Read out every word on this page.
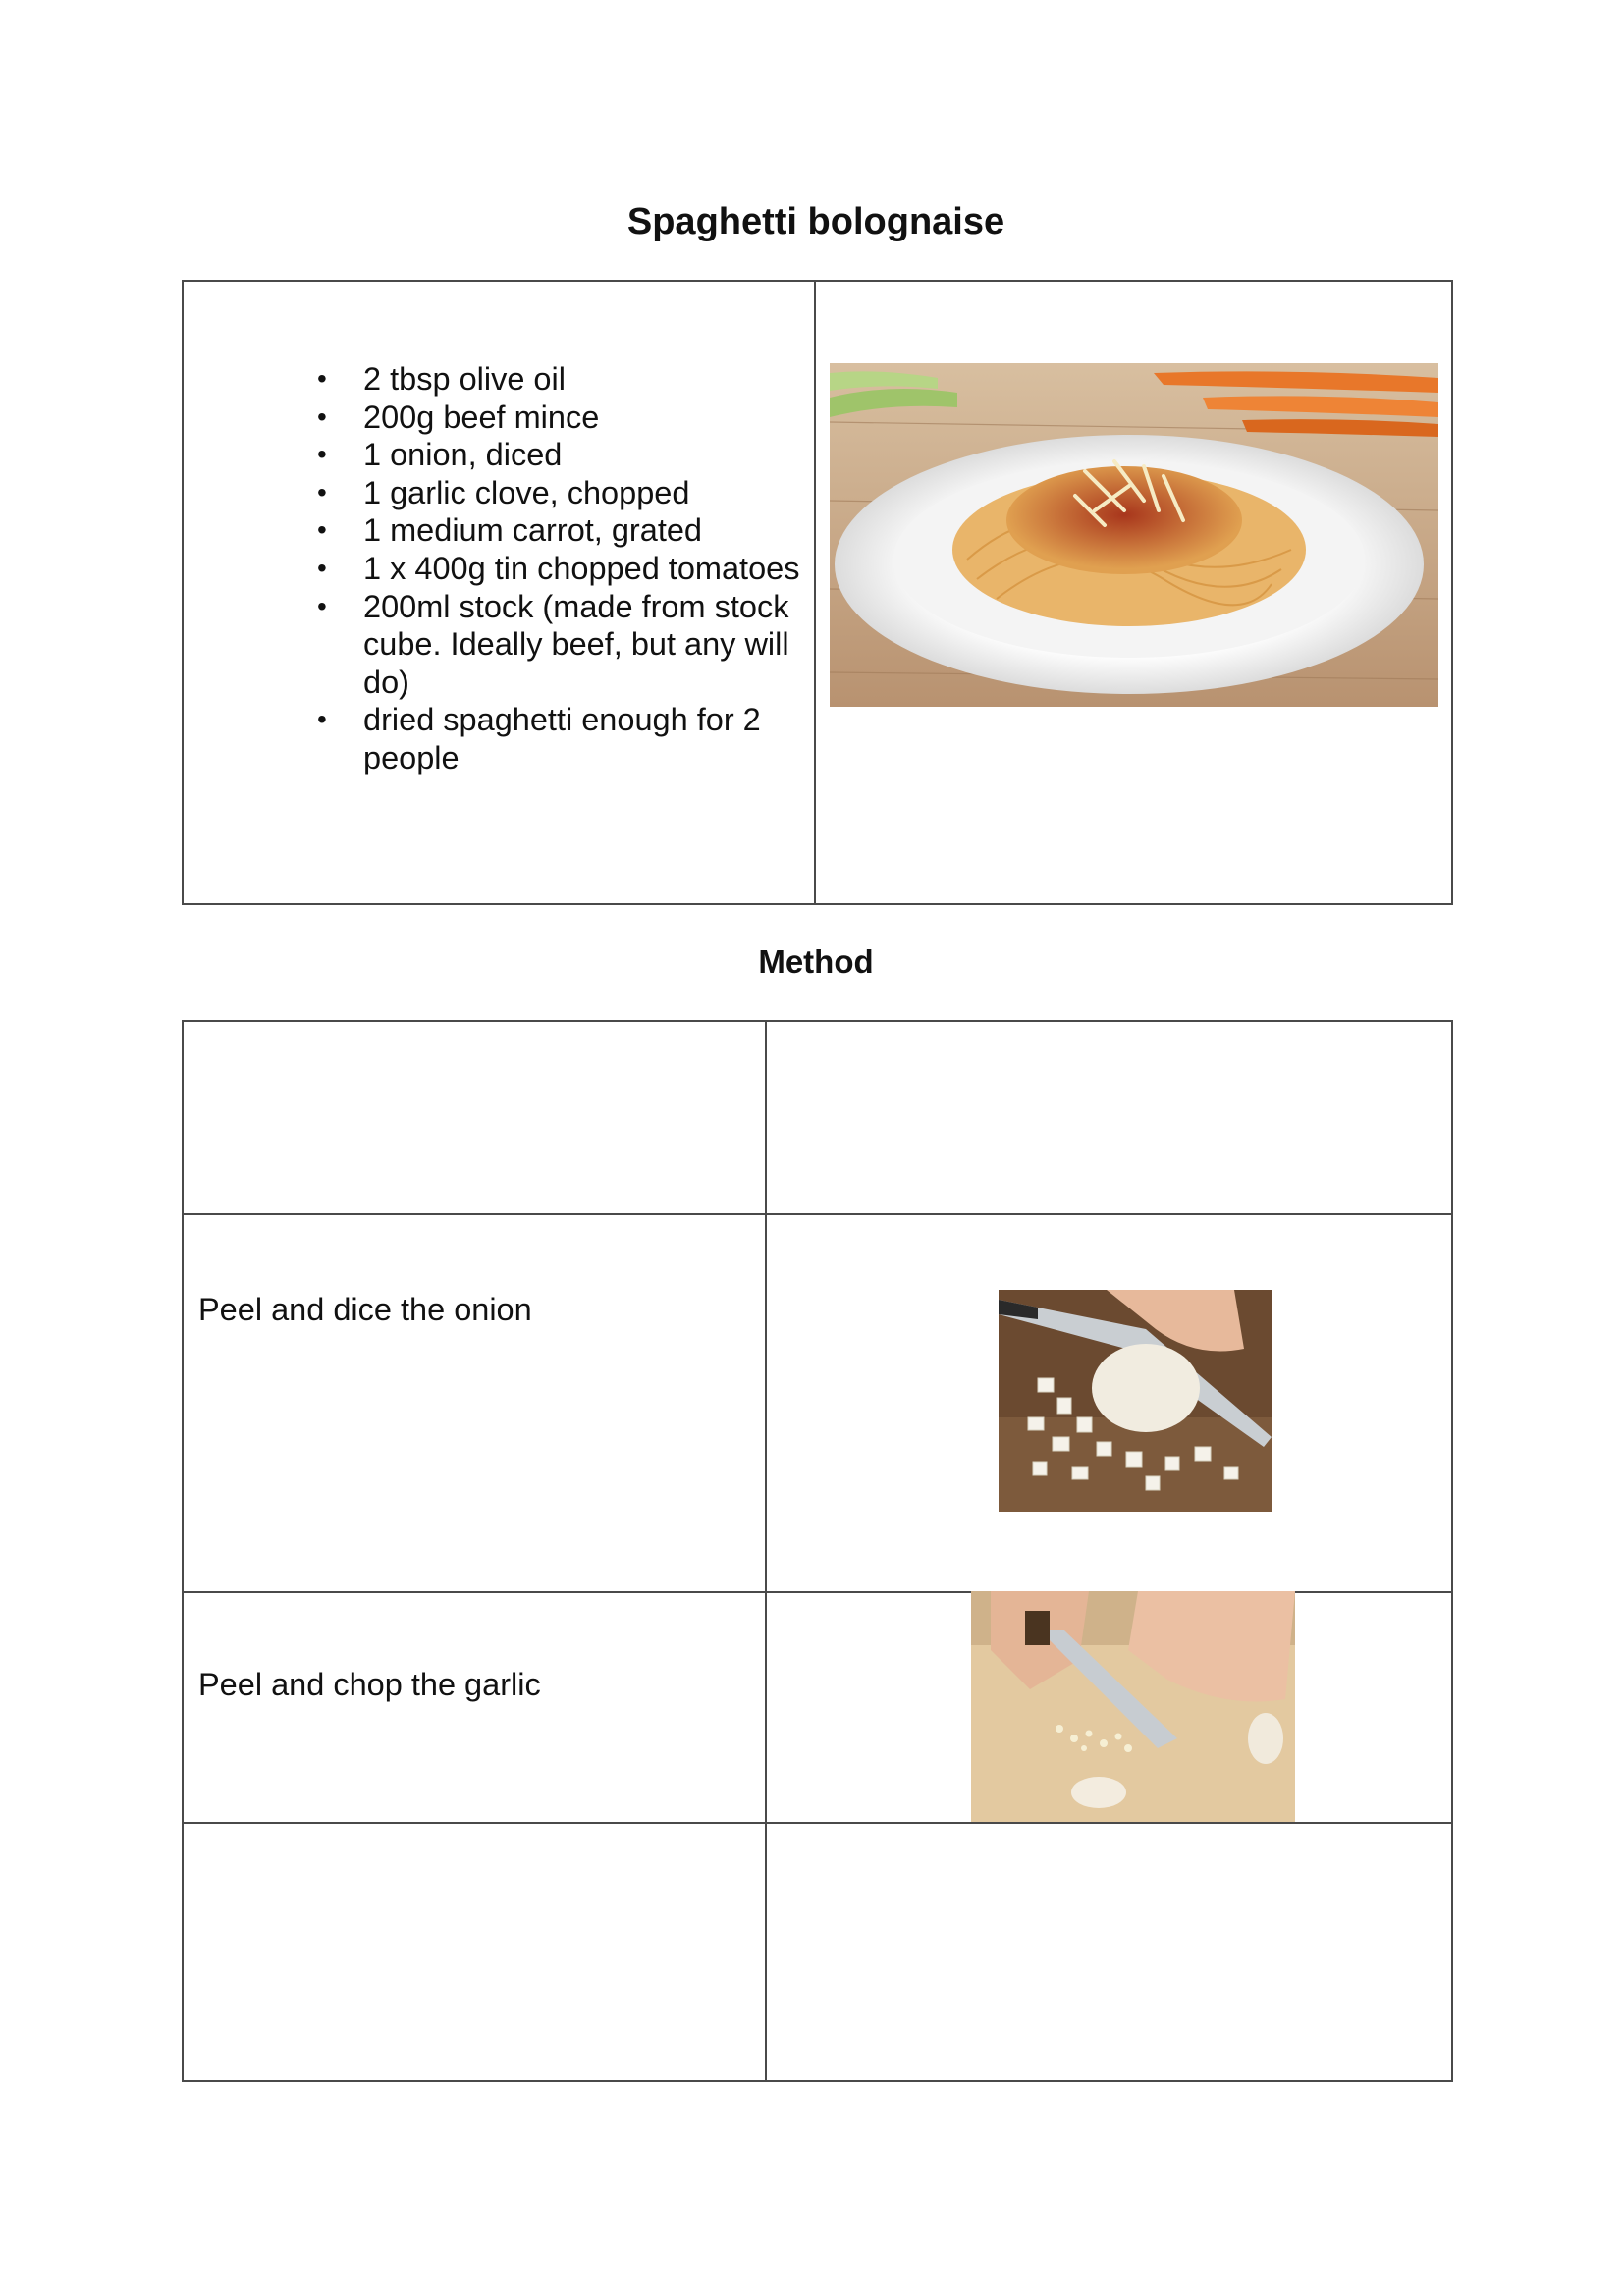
Spaghetti bolognaise
• 2 tbsp olive oil
• 200g beef mince
• 1 onion, diced
• 1 garlic clove, chopped
• 1 medium carrot, grated
• 1 x 400g tin chopped tomatoes
• 200ml stock (made from stock cube. Ideally beef, but any will do)
• dried spaghetti enough for 2 people
Method

Peel and dice the onion

Peel and chop the garlic
